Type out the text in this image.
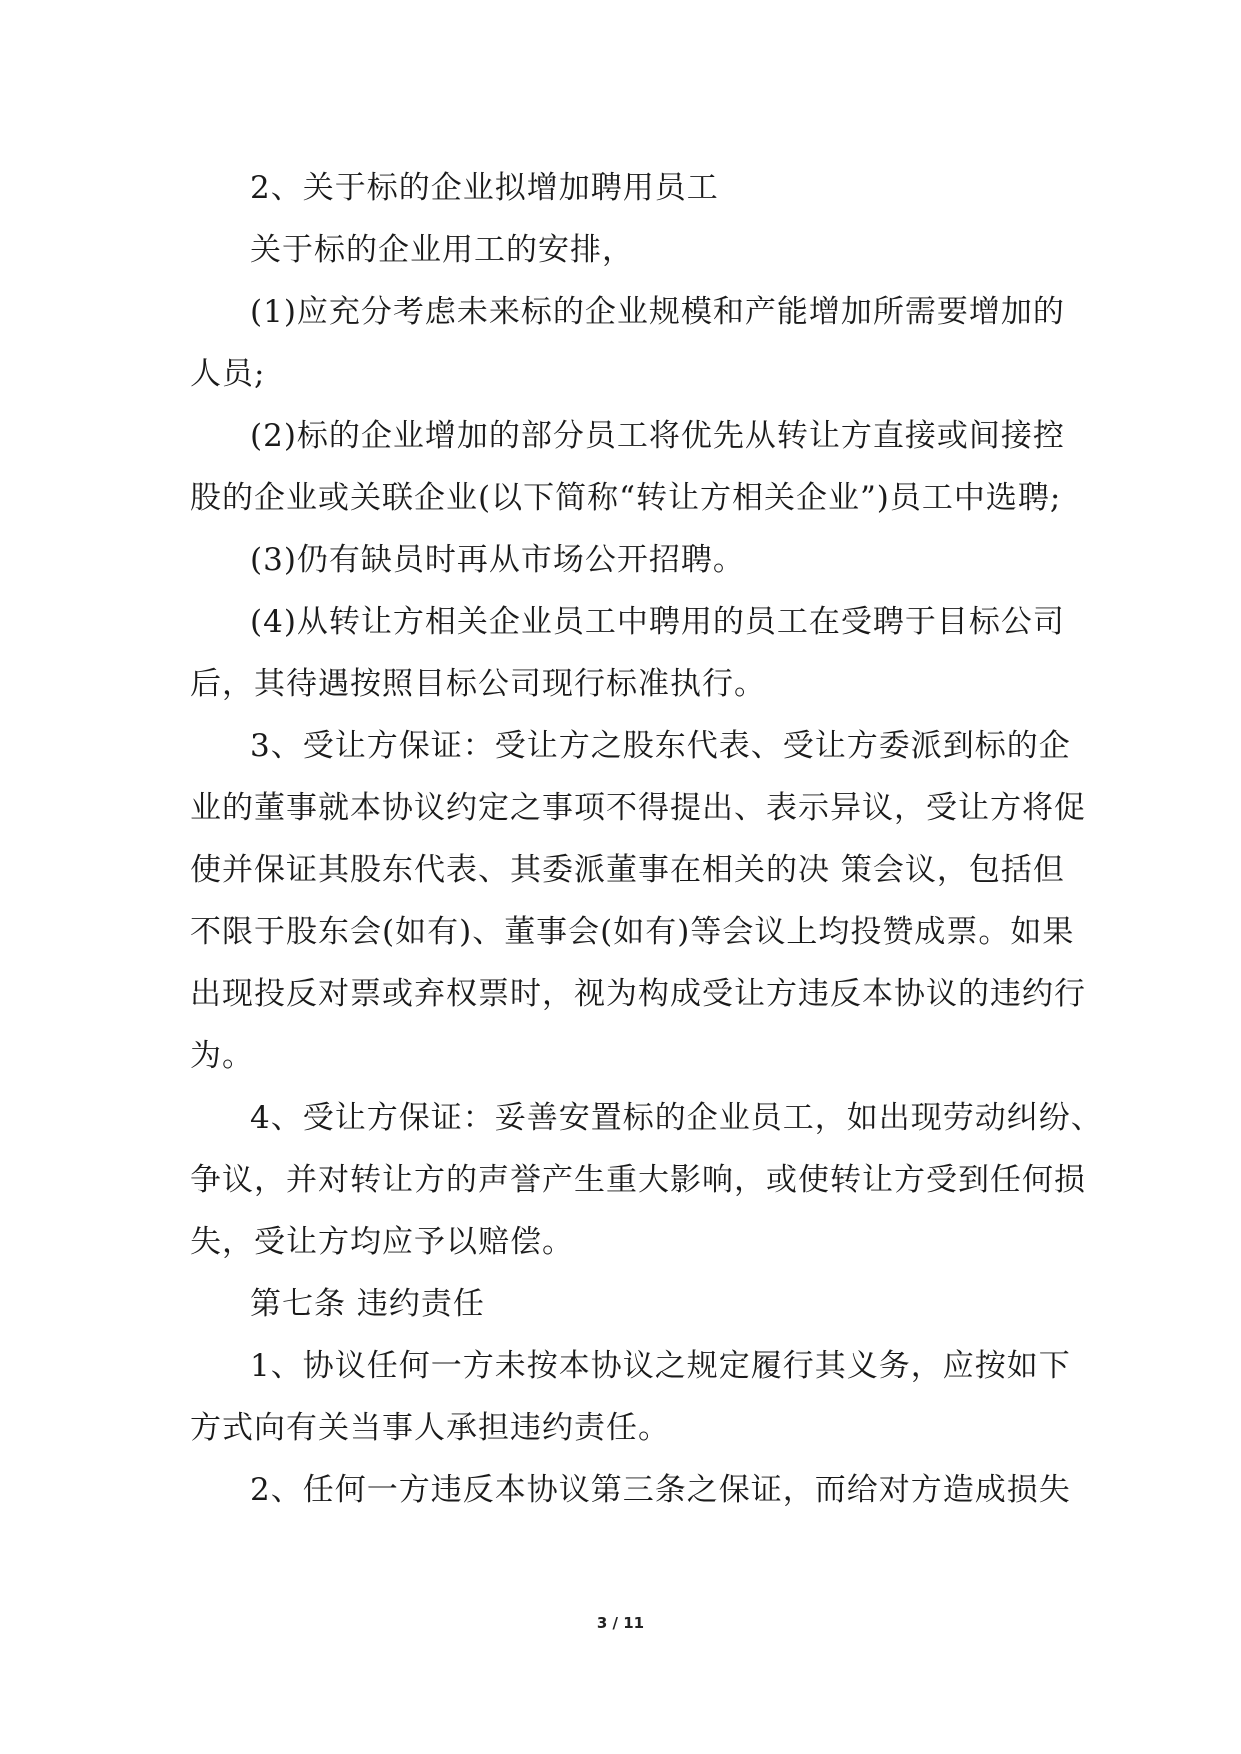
2、关于标的企业拟增加聘用员工
关于标的企业用工的安排，
(1)应充分考虑未来标的企业规模和产能增加所需要增加的
人员;
(2)标的企业增加的部分员工将优先从转让方直接或间接控
股的企业或关联企业(以下简称“转让方相关企业”)员工中选聘;
(3)仍有缺员时再从市场公开招聘。
(4)从转让方相关企业员工中聘用的员工在受聘于目标公司
后，其待遇按照目标公司现行标准执行。
3、受让方保证：受让方之股东代表、受让方委派到标的企
业的董事就本协议约定之事项不得提出、表示异议，受让方将促
使并保证其股东代表、其委派董事在相关的决 策会议，包括但
不限于股东会(如有)、董事会(如有)等会议上均投赞成票。如果
出现投反对票或弃权票时，视为构成受让方违反本协议的违约行
为。
4、受让方保证：妥善安置标的企业员工，如出现劳动纠纷、
争议，并对转让方的声誉产生重大影响，或使转让方受到任何损
失，受让方均应予以赔偿。
第七条 违约责任
1、协议任何一方未按本协议之规定履行其义务，应按如下
方式向有关当事人承担违约责任。
2、任何一方违反本协议第三条之保证，而给对方造成损失
3 / 11
